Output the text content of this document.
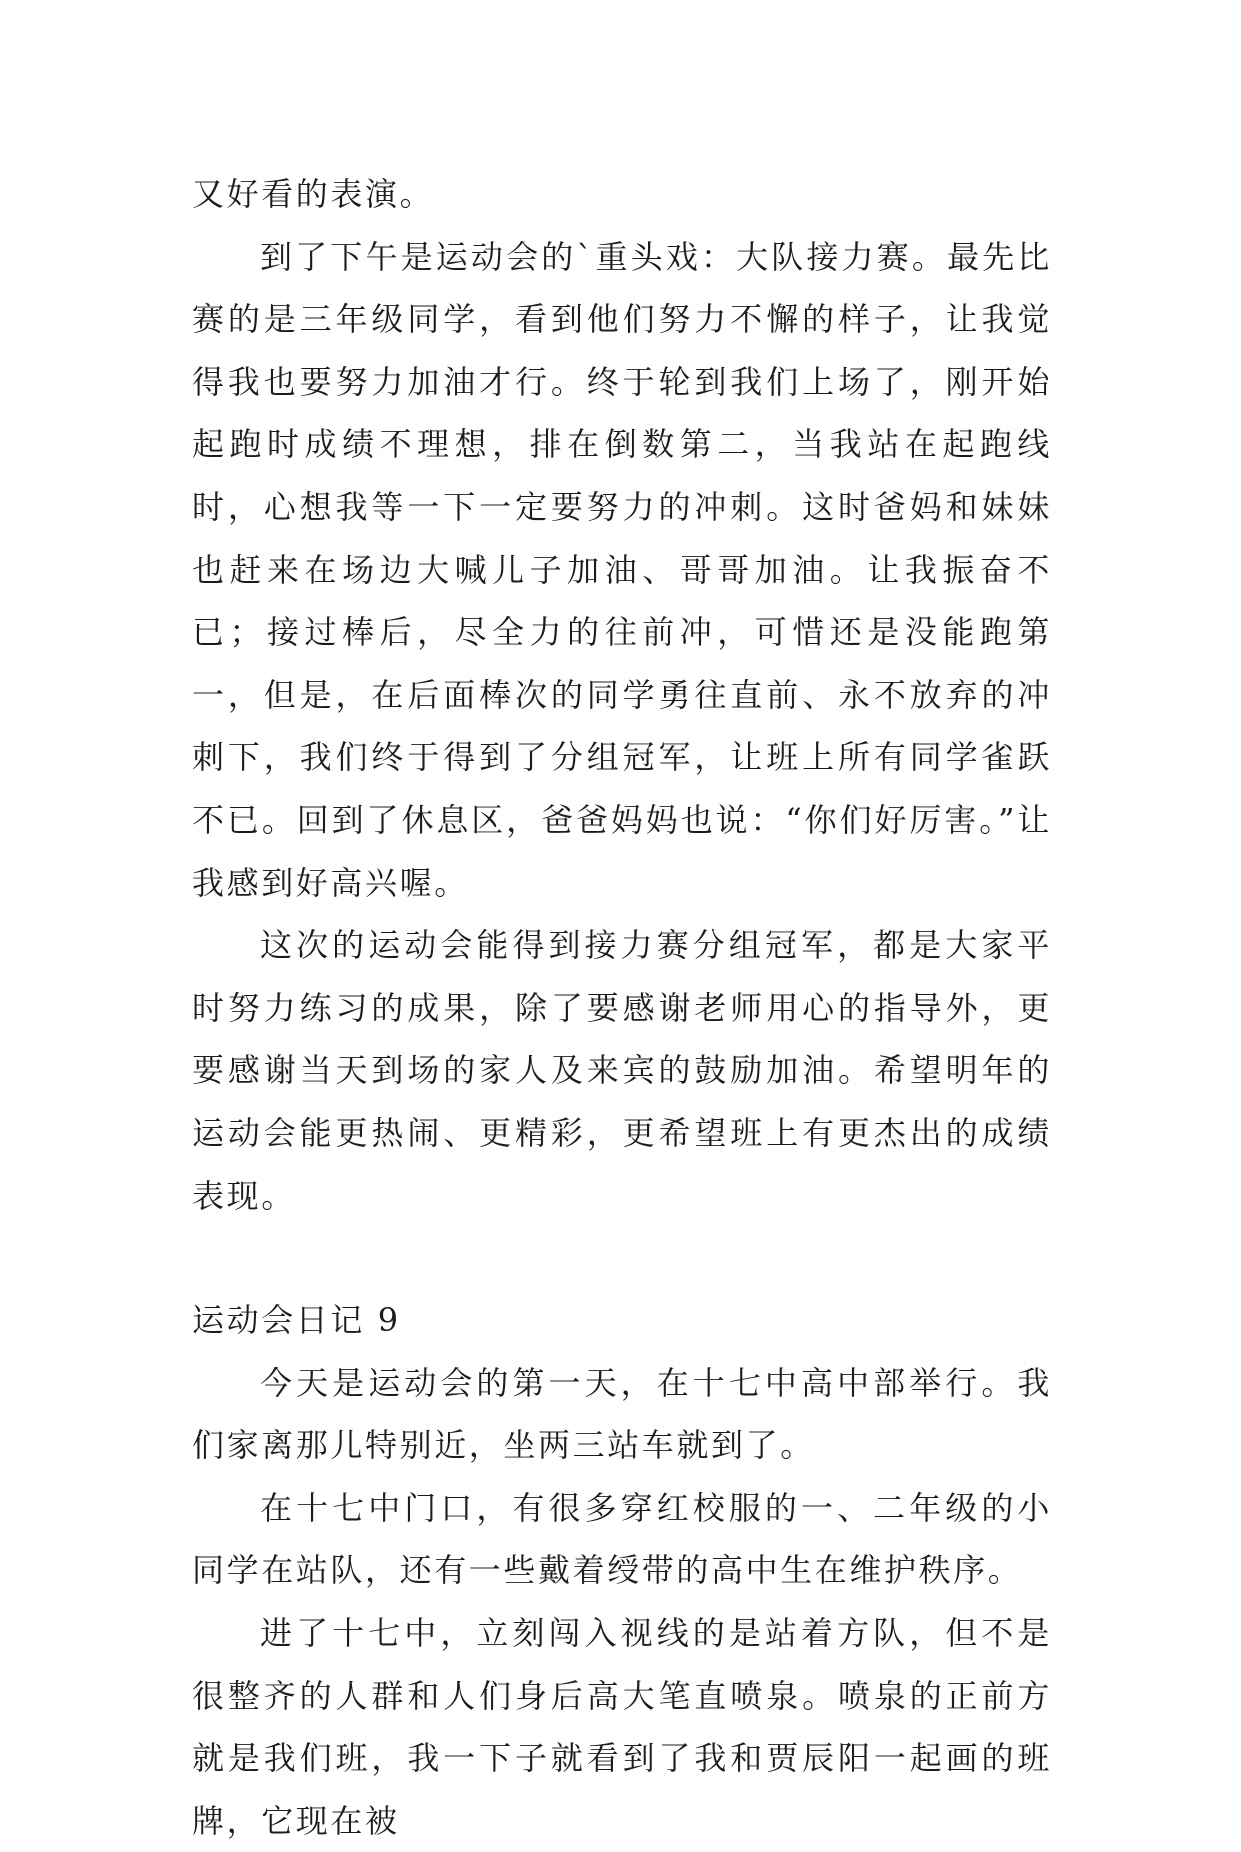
又好看的表演。

到了下午是运动会的`重头戏：大队接力赛。最先比赛的是三年级同学，看到他们努力不懈的样子，让我觉得我也要努力加油才行。终于轮到我们上场了，刚开始起跑时成绩不理想，排在倒数第二，当我站在起跑线时，心想我等一下一定要努力的冲刺。这时爸妈和妹妹也赶来在场边大喊儿子加油、哥哥加油。让我振奋不已；接过棒后，尽全力的往前冲，可惜还是没能跑第一，但是，在后面棒次的同学勇往直前、永不放弃的冲刺下，我们终于得到了分组冠军，让班上所有同学雀跃不已。回到了休息区，爸爸妈妈也说：“你们好厉害。”让我感到好高兴喔。

这次的运动会能得到接力赛分组冠军，都是大家平时努力练习的成果，除了要感谢老师用心的指导外，更要感谢当天到场的家人及来宾的鼓励加油。希望明年的运动会能更热闹、更精彩，更希望班上有更杰出的成绩表现。

运动会日记 9

今天是运动会的第一天，在十七中高中部举行。我们家离那儿特别近，坐两三站车就到了。

在十七中门口，有很多穿红校服的一、二年级的小同学在站队，还有一些戴着绶带的高中生在维护秩序。

进了十七中，立刻闯入视线的是站着方队，但不是很整齐的人群和人们身后高大笔直喷泉。喷泉的正前方就是我们班，我一下子就看到了我和贾辰阳一起画的班牌，它现在被
